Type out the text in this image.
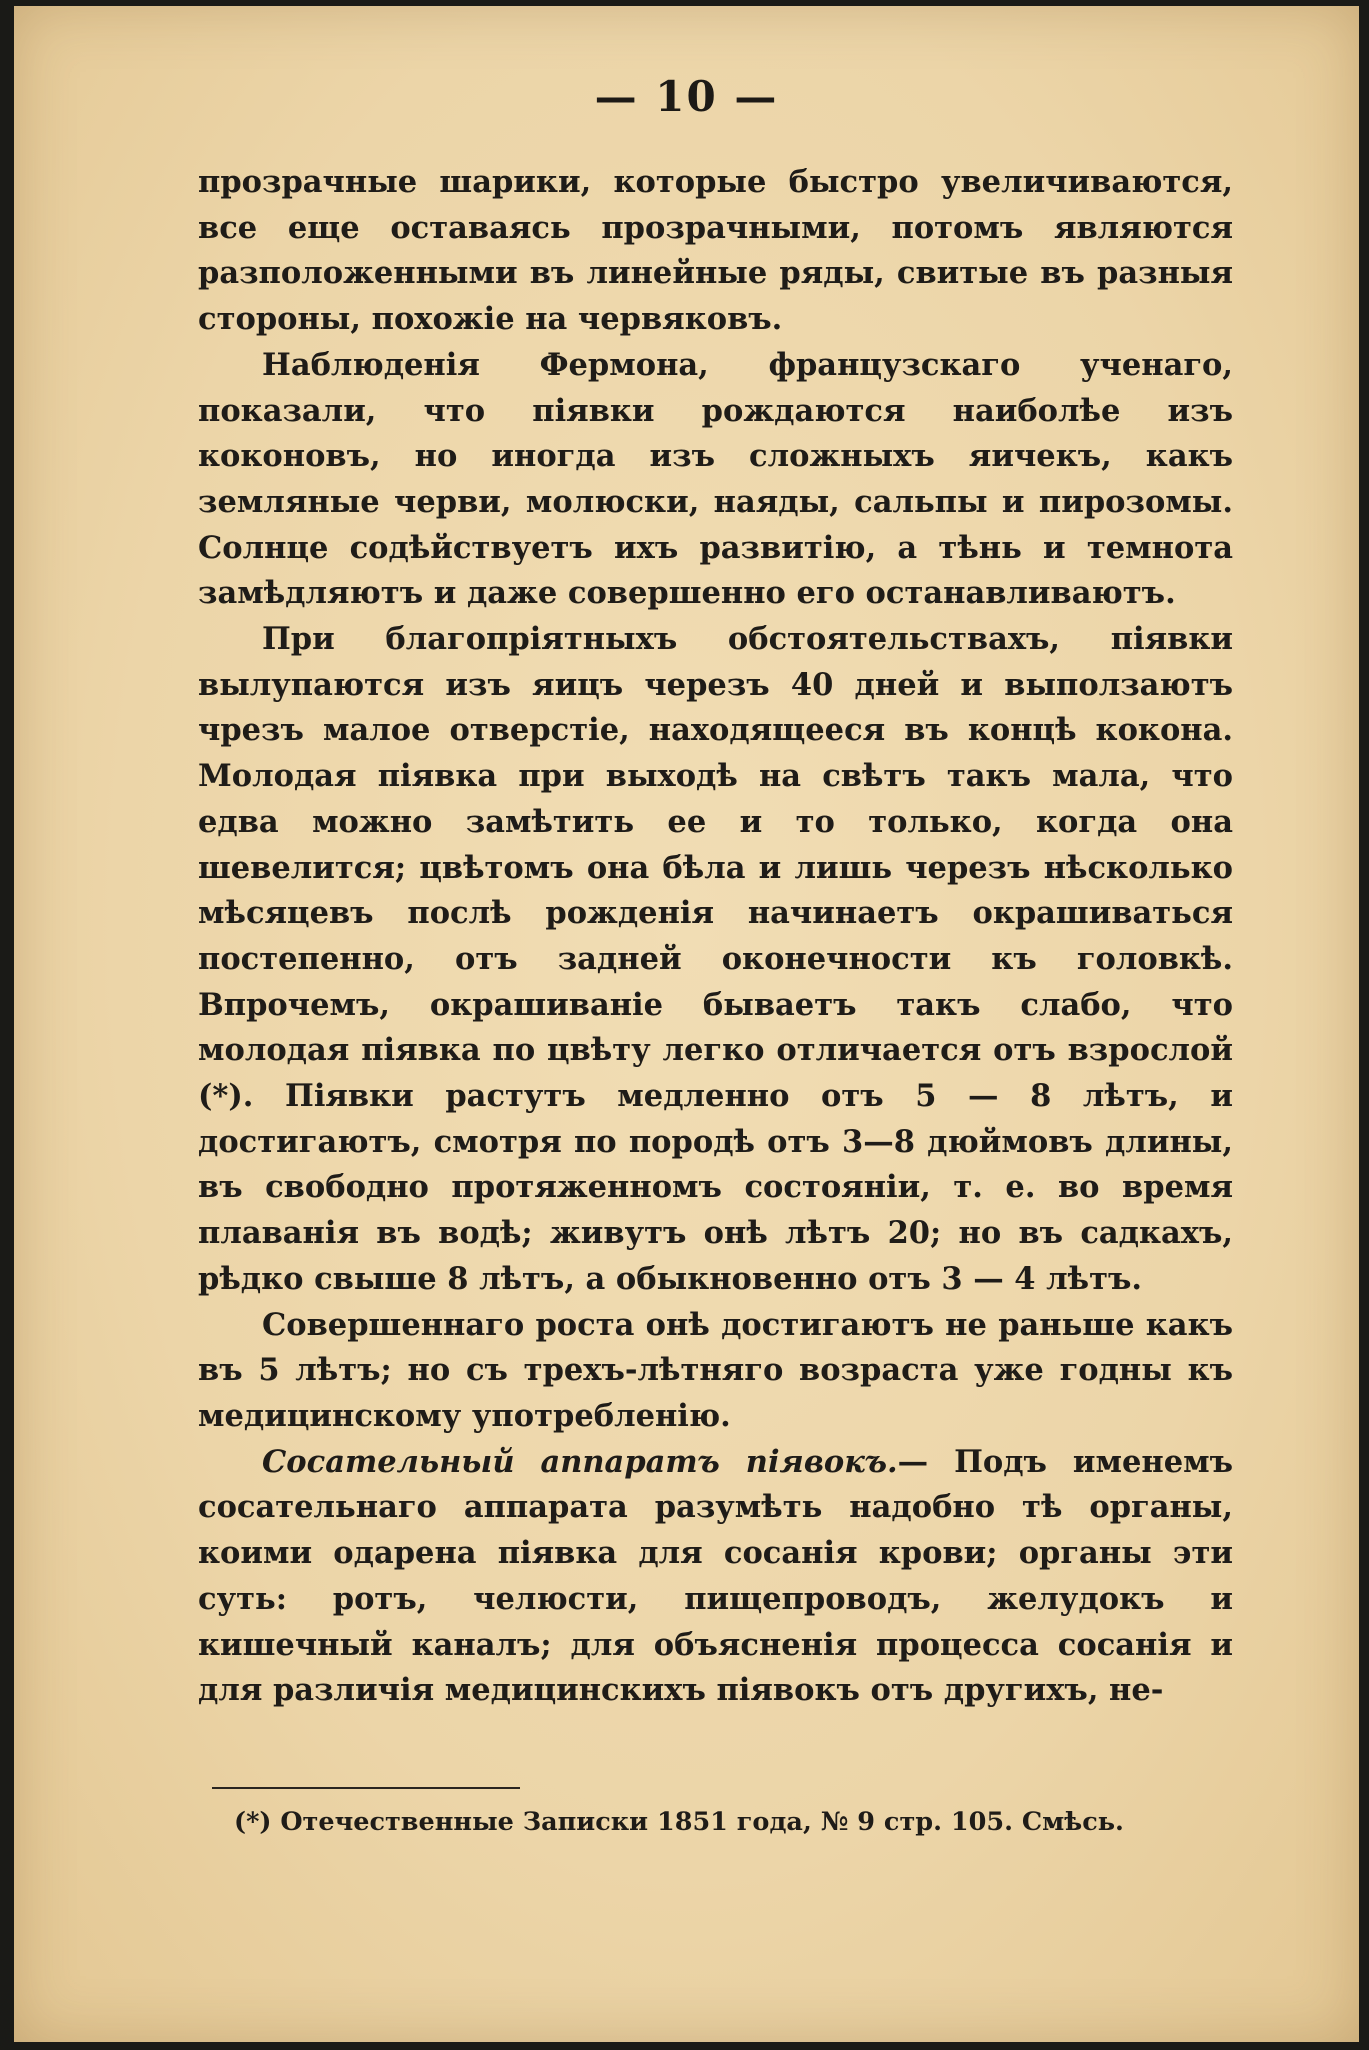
— 10 —

прозрачные шарики, которые быстро увеличиваются, все еще оставаясь прозрачными, потомъ являются разположенными въ линейные ряды, свитые въ разныя стороны, похожіе на червяковъ.

Наблюденія Фермона, французскаго ученаго, показали, что піявки рождаются наиболѣе изъ коконовъ, но иногда изъ сложныхъ яичекъ, какъ земляные черви, молюски, наяды, сальпы и пирозомы. Солнце содѣйствуетъ ихъ развитію, а тѣнь и темнота замѣдляютъ и даже совершенно его останавливаютъ.

При благопріятныхъ обстоятельствахъ, піявки вылупаются изъ яицъ черезъ 40 дней и выползаютъ чрезъ малое отверстіе, находящееся въ концѣ кокона. Молодая піявка при выходѣ на свѣтъ такъ мала, что едва можно замѣтить ее и то только, когда она шевелится; цвѣтомъ она бѣла и лишь черезъ нѣсколько мѣсяцевъ послѣ рожденія начинаетъ окрашиваться постепенно, отъ задней оконечности къ головкѣ. Впрочемъ, окрашиваніе бываетъ такъ слабо, что молодая піявка по цвѣту легко отличается отъ взрослой (*). Піявки растутъ медленно отъ 5 — 8 лѣтъ, и достигаютъ, смотря по породѣ отъ 3—8 дюймовъ длины, въ свободно протяженномъ состояніи, т. е. во время плаванія въ водѣ; живутъ онѣ лѣтъ 20; но въ садкахъ, рѣдко свыше 8 лѣтъ, а обыкновенно отъ 3 — 4 лѣтъ.

Совершеннаго роста онѣ достигаютъ не раньше какъ въ 5 лѣтъ; но съ трехъ-лѣтняго возраста уже годны къ медицинскому употребленію.

Сосательный аппаратъ піявокъ.— Подъ именемъ сосательнаго аппарата разумѣть надобно тѣ органы, коими одарена піявка для сосанія крови; органы эти суть: ротъ, челюсти, пищепроводъ, желудокъ и кишечный каналъ; для объясненія процесса сосанія и для различія медицинскихъ піявокъ отъ другихъ, не-

(*) Отечественные Записки 1851 года, № 9 стр. 105. Смѣсь.
